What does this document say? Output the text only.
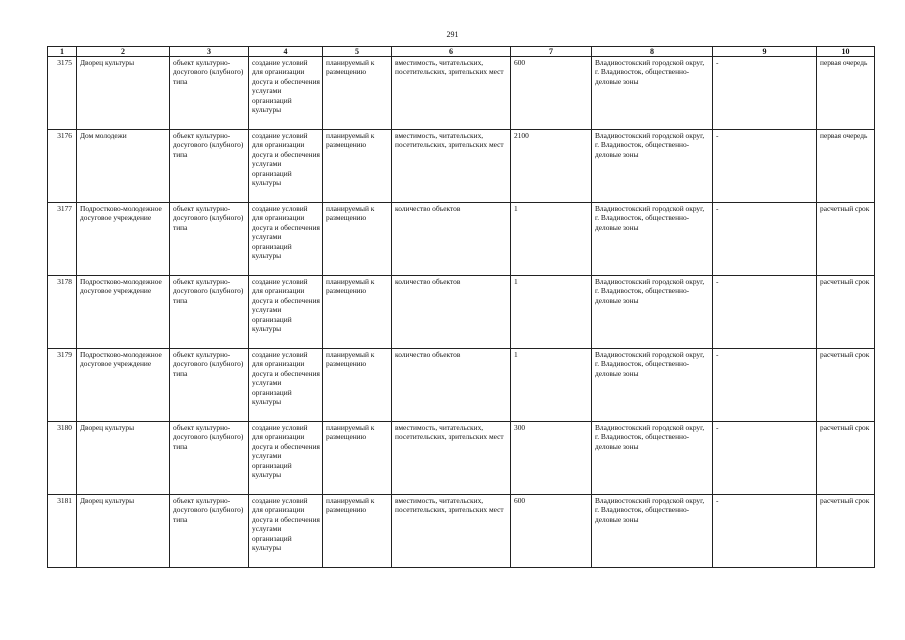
291
1	2	3	4	5	6	7	8	9	10
3175	Дворец культуры	объект культурно-досугового (клубного) типа	создание условий для организации досуга и обеспечения услугами организаций культуры	планируемый к размещению	вместимость, читательских, посетительских, зрительских мест	600	Владивостокский городской округ, г. Владивосток, общественно-деловые зоны	-	первая очередь
3176	Дом молодежи	объект культурно-досугового (клубного) типа	создание условий для организации досуга и обеспечения услугами организаций культуры	планируемый к размещению	вместимость, читательских, посетительских, зрительских мест	2100	Владивостокский городской округ, г. Владивосток, общественно-деловые зоны	-	первая очередь
3177	Подростково-молодежное досуговое учреждение	объект культурно-досугового (клубного) типа	создание условий для организации досуга и обеспечения услугами организаций культуры	планируемый к размещению	количество объектов	1	Владивостокский городской округ, г. Владивосток, общественно-деловые зоны	-	расчетный срок
3178	Подростково-молодежное досуговое учреждение	объект культурно-досугового (клубного) типа	создание условий для организации досуга и обеспечения услугами организаций культуры	планируемый к размещению	количество объектов	1	Владивостокский городской округ, г. Владивосток, общественно-деловые зоны	-	расчетный срок
3179	Подростково-молодежное досуговое учреждение	объект культурно-досугового (клубного) типа	создание условий для организации досуга и обеспечения услугами организаций культуры	планируемый к размещению	количество объектов	1	Владивостокский городской округ, г. Владивосток, общественно-деловые зоны	-	расчетный срок
3180	Дворец культуры	объект культурно-досугового (клубного) типа	создание условий для организации досуга и обеспечения услугами организаций культуры	планируемый к размещению	вместимость, читательских, посетительских, зрительских мест	300	Владивостокский городской округ, г. Владивосток, общественно-деловые зоны	-	расчетный срок
3181	Дворец культуры	объект культурно-досугового (клубного) типа	создание условий для организации досуга и обеспечения услугами организаций культуры	планируемый к размещению	вместимость, читательских, посетительских, зрительских мест	600	Владивостокский городской округ, г. Владивосток, общественно-деловые зоны	-	расчетный срок
